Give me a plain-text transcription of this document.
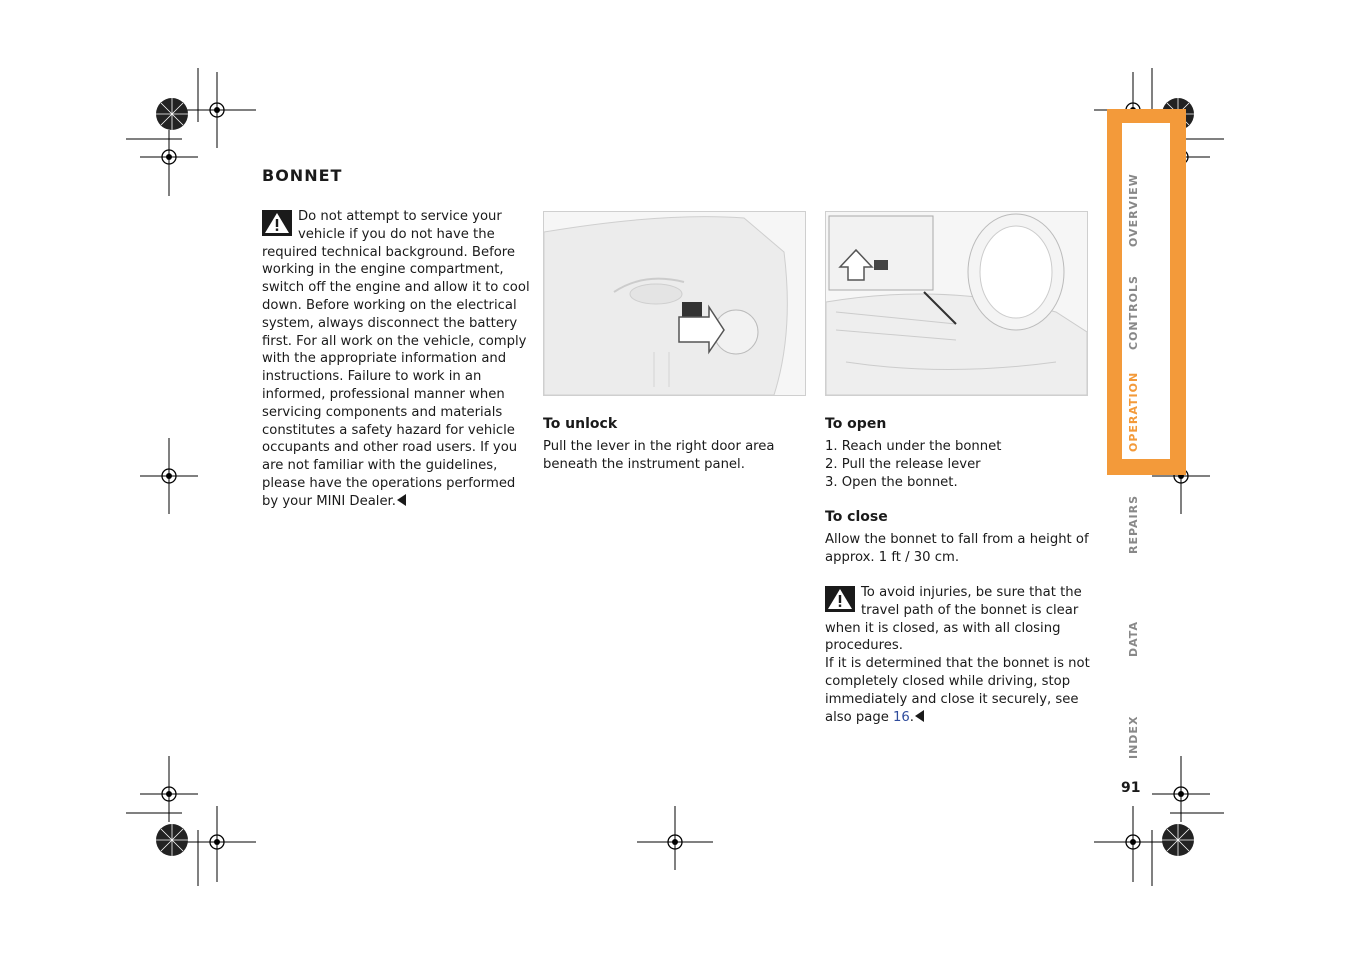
OVERVIEW
CONTROLS
OPERATION
REPAIRS
DATA
INDEX
BONNET
Do not attempt to service your vehicle if you do not have the required technical background. Before working in the engine compartment, switch off the engine and allow it to cool down. Before working on the electrical system, always disconnect the battery first. For all work on the vehicle, comply with the appropriate information and instructions. Failure to work in an informed, professional manner when servicing components and materials constitutes a safety hazard for vehicle occupants and other road users. If you are not familiar with the guidelines, please have the operations performed by your MINI Dealer.
To unlock
Pull the lever in the right door area beneath the instrument panel.
To open
1. Reach under the bonnet
2. Pull the release lever
3. Open the bonnet.
To close
Allow the bonnet to fall from a height of approx. 1 ft / 30 cm.
To avoid injuries, be sure that the travel path of the bonnet is clear when it is closed, as with all closing procedures.
If it is determined that the bonnet is not completely closed while driving, stop immediately and close it securely, see also page 16.
91
